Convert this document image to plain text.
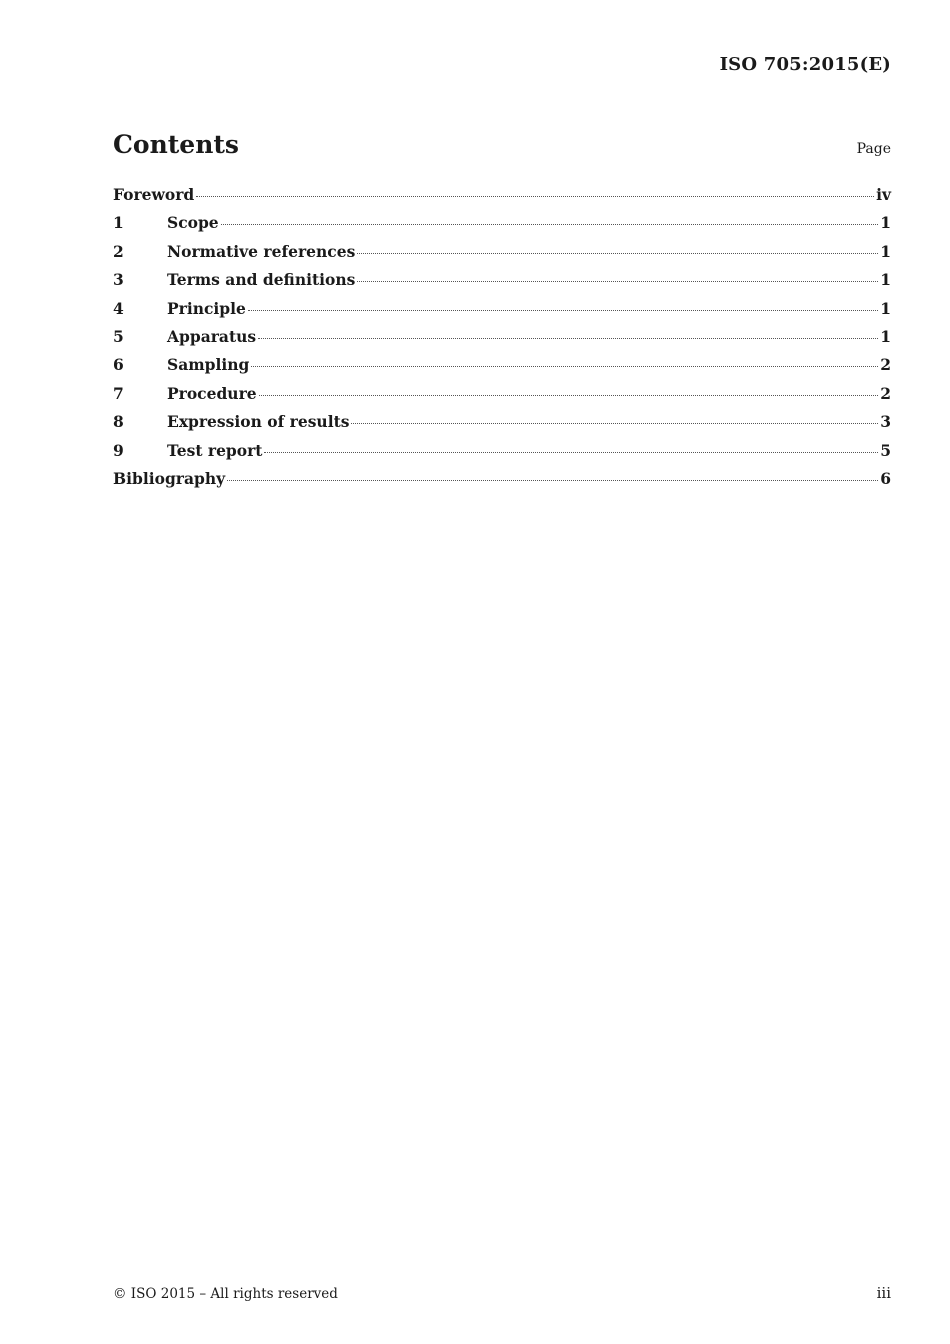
ISO 705:2015(E)
Contents	Page
Foreword	iv
1	Scope	1
2	Normative references	1
3	Terms and definitions	1
4	Principle	1
5	Apparatus	1
6	Sampling	2
7	Procedure	2
8	Expression of results	3
9	Test report	5
Bibliography	6
© ISO 2015 – All rights reserved	iii
